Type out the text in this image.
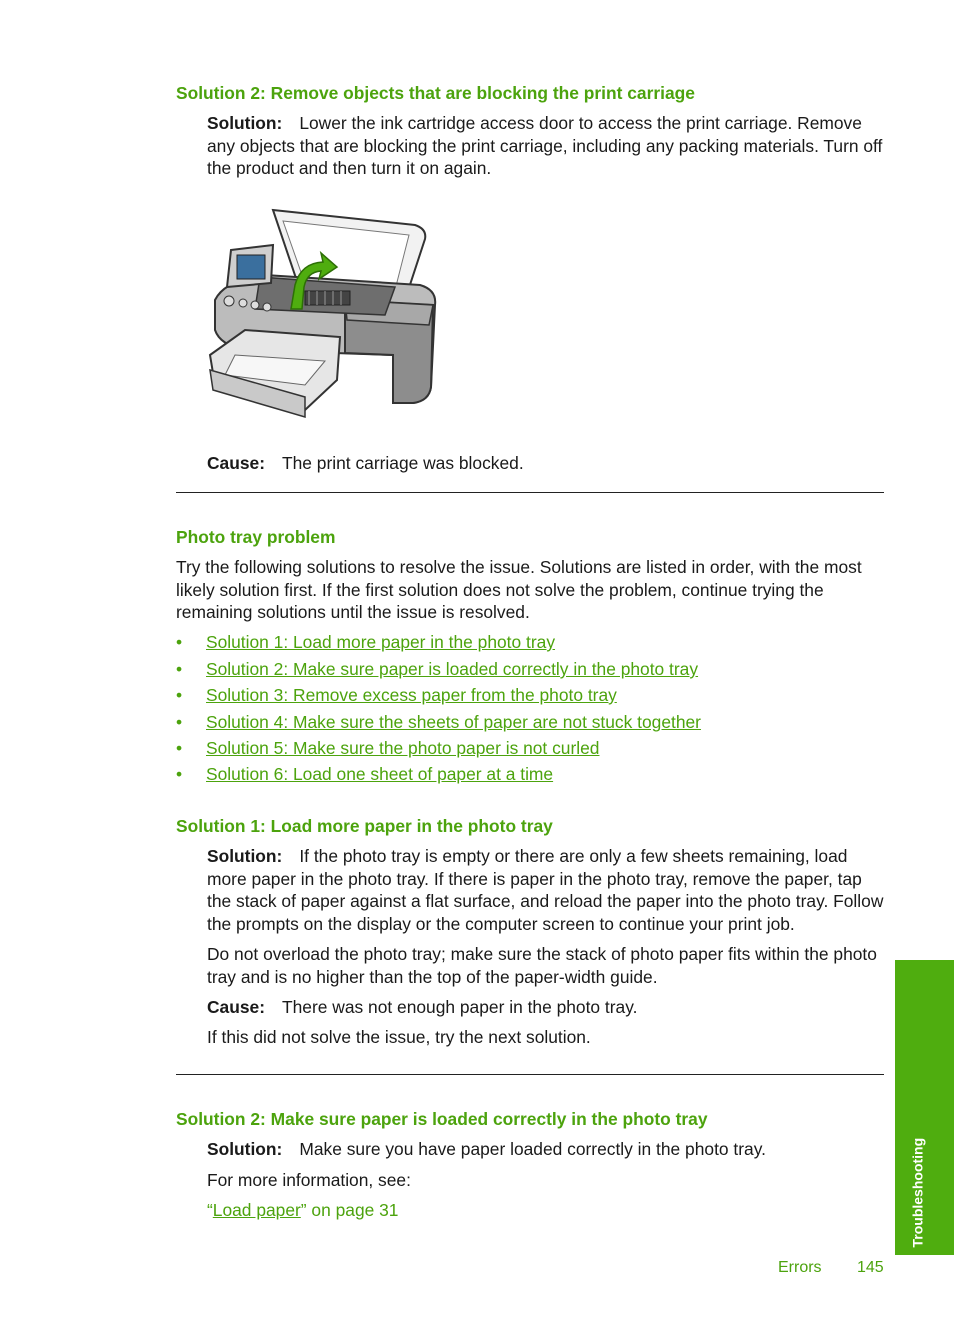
Solution 2: Remove objects that are blocking the print carriage
Solution: Lower the ink cartridge access door to access the print carriage. Remove any objects that are blocking the print carriage, including any packing materials. Turn off the product and then turn it on again.
Cause: The print carriage was blocked.
Photo tray problem
Try the following solutions to resolve the issue. Solutions are listed in order, with the most likely solution first. If the first solution does not solve the problem, continue trying the remaining solutions until the issue is resolved.
• Solution 1: Load more paper in the photo tray
• Solution 2: Make sure paper is loaded correctly in the photo tray
• Solution 3: Remove excess paper from the photo tray
• Solution 4: Make sure the sheets of paper are not stuck together
• Solution 5: Make sure the photo paper is not curled
• Solution 6: Load one sheet of paper at a time
Solution 1: Load more paper in the photo tray
Solution: If the photo tray is empty or there are only a few sheets remaining, load more paper in the photo tray. If there is paper in the photo tray, remove the paper, tap the stack of paper against a flat surface, and reload the paper into the photo tray. Follow the prompts on the display or the computer screen to continue your print job.
Do not overload the photo tray; make sure the stack of photo paper fits within the photo tray and is no higher than the top of the paper-width guide.
Cause: There was not enough paper in the photo tray.
If this did not solve the issue, try the next solution.
Solution 2: Make sure paper is loaded correctly in the photo tray
Solution: Make sure you have paper loaded correctly in the photo tray.
For more information, see:
“Load paper” on page 31	Troubleshooting
Errors 145
